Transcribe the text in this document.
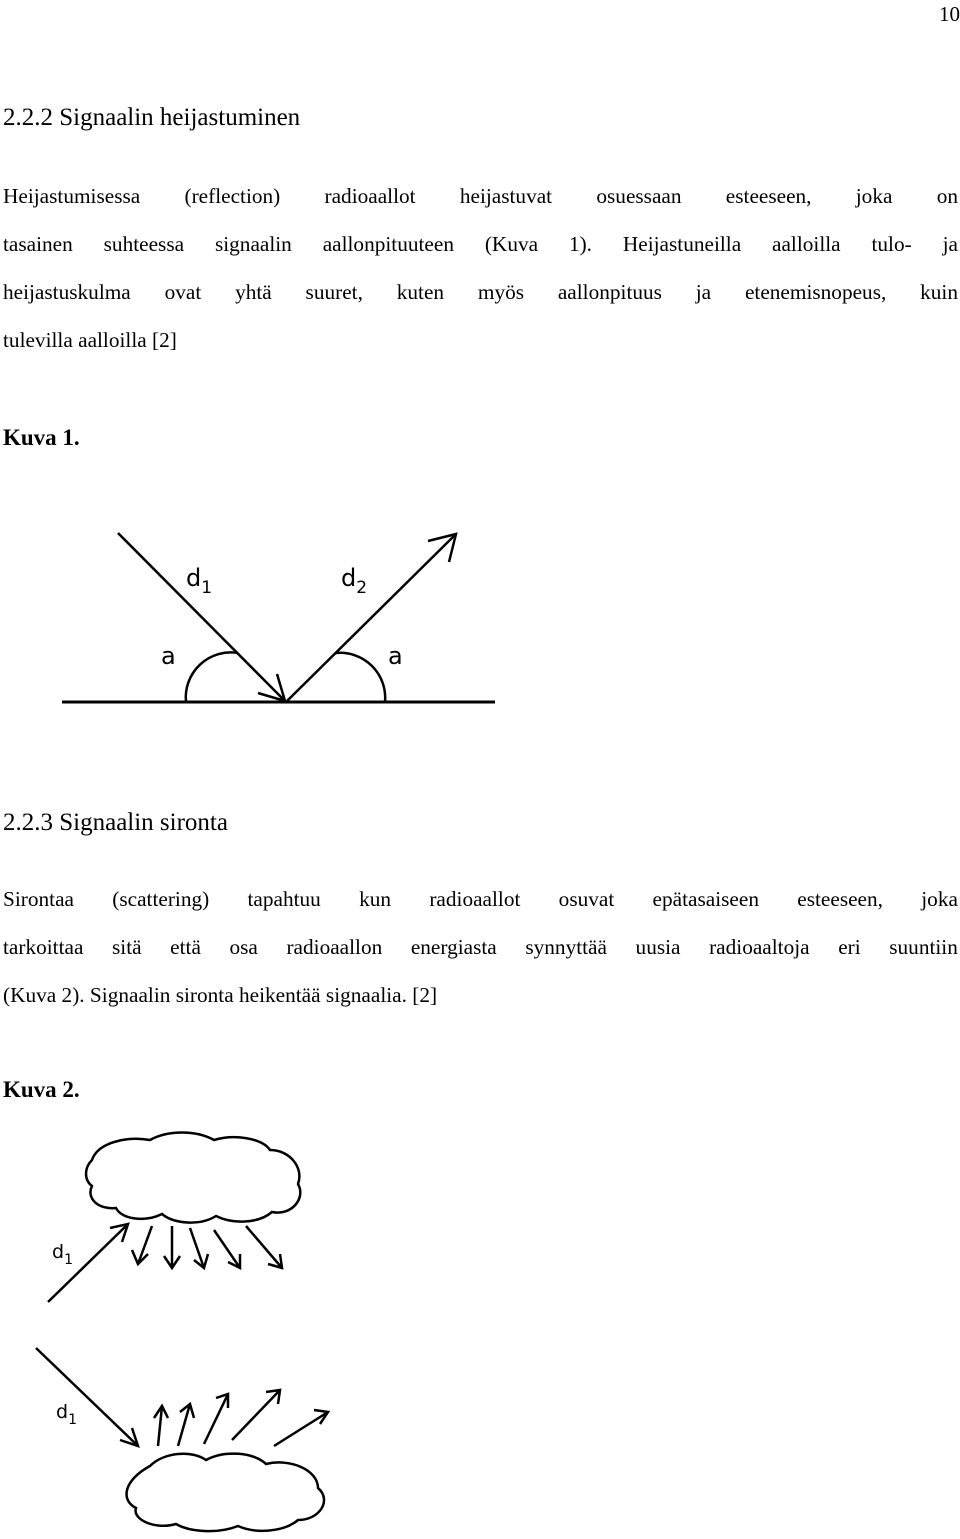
10
2.2.2 Signaalin heijastuminen
Heijastumisessa (reflection) radioaallot heijastuvat osuessaan esteeseen, joka on
tasainen suhteessa signaalin aallonpituuteen (Kuva 1). Heijastuneilla aalloilla tulo- ja
heijastuskulma ovat yhtä suuret, kuten myös aallonpituus ja etenemisnopeus, kuin
tulevilla aalloilla [2]
Kuva 1.
$d_1$	$d_2$
a	a
2.2.3 Signaalin sironta
Sirontaa (scattering) tapahtuu kun radioaallot osuvat epätasaiseen esteeseen, joka
tarkoittaa sitä että osa radioaallon energiasta synnyttää uusia radioaaltoja eri suuntiin
(Kuva 2). Signaalin sironta heikentää signaalia. [2]
Kuva 2.
$d_1$
$d_1$
